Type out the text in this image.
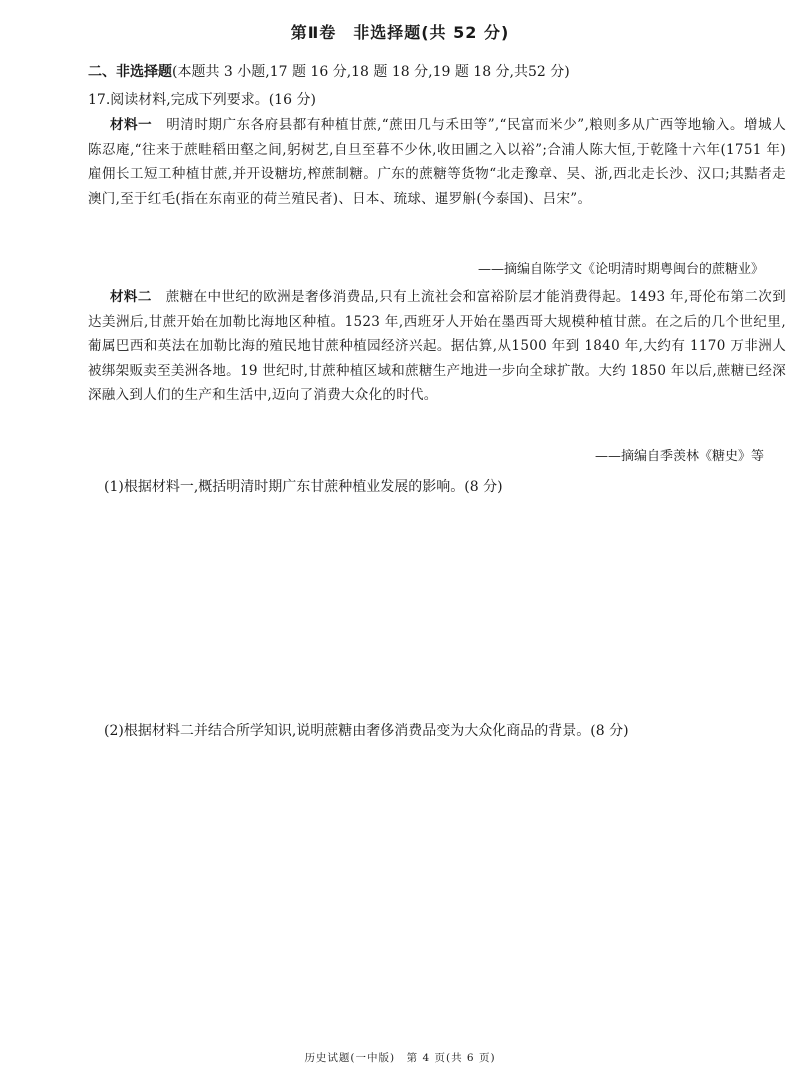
第Ⅱ卷　非选择题(共 52 分)
二、非选择题(本题共 3 小题,17 题 16 分,18 题 18 分,19 题 18 分,共52 分)
17.阅读材料,完成下列要求。(16 分)
材料一 明清时期广东各府县都有种植甘蔗,“蔗田几与禾田等”,“民富而米少”,粮则多从广西等地输入。增城人陈忍庵,“往来于蔗畦稻田壑之间,躬树艺,自旦至暮不少休,收田圃之入以裕”;合浦人陈大恒,于乾隆十六年(1751 年)雇佣长工短工种植甘蔗,并开设糖坊,榨蔗制糖。广东的蔗糖等货物“北走豫章、吴、浙,西北走长沙、汉口;其黠者走澳门,至于红毛(指在东南亚的荷兰殖民者)、日本、琉球、暹罗斛(今泰国)、吕宋”。
——摘编自陈学文《论明清时期粤闽台的蔗糖业》
材料二 蔗糖在中世纪的欧洲是奢侈消费品,只有上流社会和富裕阶层才能消费得起。1493 年,哥伦布第二次到达美洲后,甘蔗开始在加勒比海地区种植。1523 年,西班牙人开始在墨西哥大规模种植甘蔗。在之后的几个世纪里,葡属巴西和英法在加勒比海的殖民地甘蔗种植园经济兴起。据估算,从1500 年到 1840 年,大约有 1170 万非洲人被绑架贩卖至美洲各地。19 世纪时,甘蔗种植区域和蔗糖生产地进一步向全球扩散。大约 1850 年以后,蔗糖已经深深融入到人们的生产和生活中,迈向了消费大众化的时代。
——摘编自季羡林《糖史》等
(1)根据材料一,概括明清时期广东甘蔗种植业发展的影响。(8 分)
(2)根据材料二并结合所学知识,说明蔗糖由奢侈消费品变为大众化商品的背景。(8 分)
历史试题(一中版)　第 4 页(共 6 页)
